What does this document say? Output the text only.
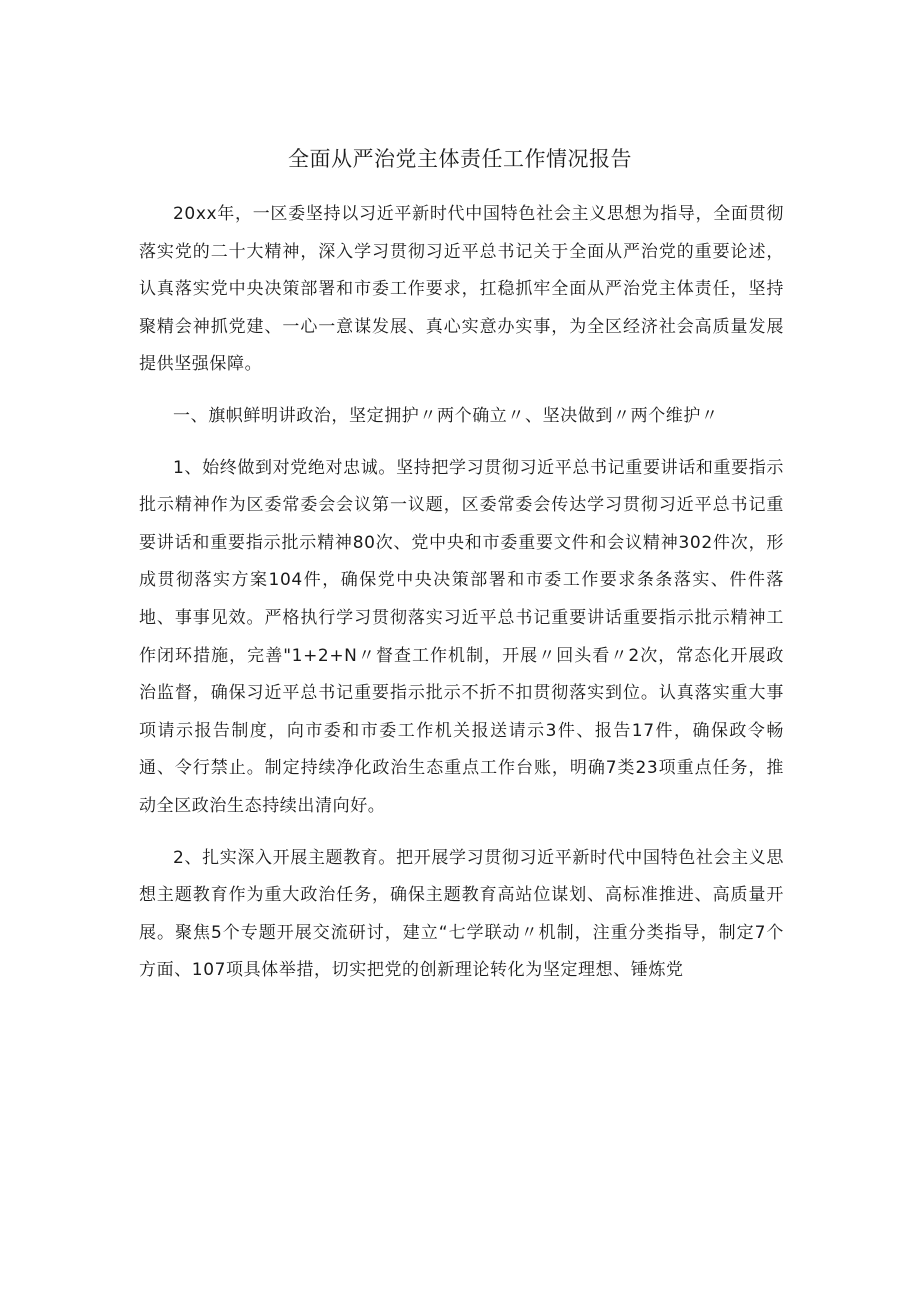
全面从严治党主体责任工作情况报告

20xx年，一区委坚持以习近平新时代中国特色社会主义思想为指导，全面贯彻落实党的二十大精神，深入学习贯彻习近平总书记关于全面从严治党的重要论述，认真落实党中央决策部署和市委工作要求，扛稳抓牢全面从严治党主体责任，坚持聚精会神抓党建、一心一意谋发展、真心实意办实事，为全区经济社会高质量发展提供坚强保障。

一、旗帜鲜明讲政治，坚定拥护〃两个确立〃、坚决做到〃两个维护〃

1、始终做到对党绝对忠诚。坚持把学习贯彻习近平总书记重要讲话和重要指示批示精神作为区委常委会会议第一议题，区委常委会传达学习贯彻习近平总书记重要讲话和重要指示批示精神80次、党中央和市委重要文件和会议精神302件次，形成贯彻落实方案104件，确保党中央决策部署和市委工作要求条条落实、件件落地、事事见效。严格执行学习贯彻落实习近平总书记重要讲话重要指示批示精神工作闭环措施，完善"1+2+N〃督查工作机制，开展〃回头看〃2次，常态化开展政治监督，确保习近平总书记重要指示批示不折不扣贯彻落实到位。认真落实重大事项请示报告制度，向市委和市委工作机关报送请示3件、报告17件，确保政令畅通、令行禁止。制定持续净化政治生态重点工作台账，明确7类23项重点任务，推动全区政治生态持续出清向好。

2、扎实深入开展主题教育。把开展学习贯彻习近平新时代中国特色社会主义思想主题教育作为重大政治任务，确保主题教育高站位谋划、高标准推进、高质量开展。聚焦5个专题开展交流研讨，建立“七学联动〃机制，注重分类指导，制定7个方面、107项具体举措，切实把党的创新理论转化为坚定理想、锤炼党
